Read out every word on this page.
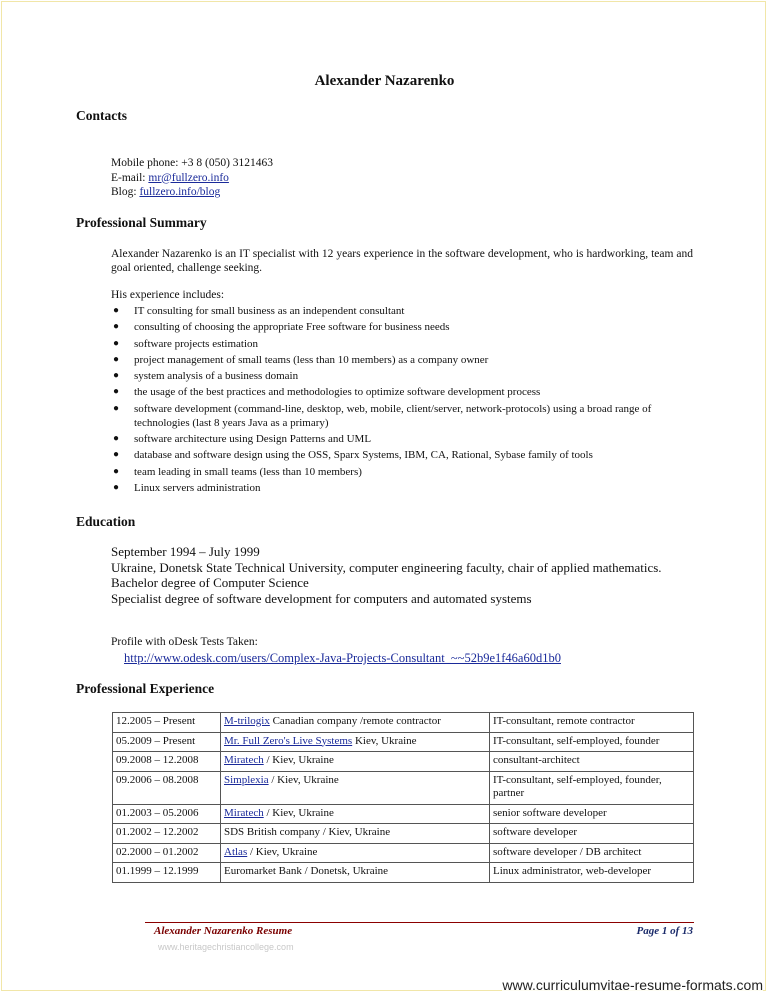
Alexander Nazarenko
Contacts
Mobile phone: +3 8 (050) 3121463
E-mail: mr@fullzero.info
Blog: fullzero.info/blog
Professional Summary

Alexander Nazarenko is an IT specialist with 12 years experience in the software development, who is hardworking, team and goal oriented, challenge seeking.

His experience includes:

● IT consulting for small business as an independent consultant
● consulting of choosing the appropriate Free software for business needs
● software projects estimation
● project management of small teams (less than 10 members) as a company owner
● system analysis of a business domain
● the usage of the best practices and methodologies to optimize software development process
● software development (command-line, desktop, web, mobile, client/server, network-protocols) using a broad range of technologies (last 8 years Java as a primary)
● software architecture using Design Patterns and UML
● database and software design using the OSS, Sparx Systems, IBM, CA, Rational, Sybase family of tools
● team leading in small teams (less than 10 members)
● Linux servers administration
Education
September 1994 – July 1999
Ukraine, Donetsk State Technical University, computer engineering faculty, chair of applied mathematics.
Bachelor degree of Computer Science
Specialist degree of software development for computers and automated systems
Profile with oDesk Tests Taken:
http://www.odesk.com/users/Complex-Java-Projects-Consultant_~~52b9e1f46a60d1b0
Professional Experience
12.2005 – Present	M-trilogix Canadian company /remote contractor	IT-consultant, remote contractor
05.2009 – Present	Mr. Full Zero's Live Systems Kiev, Ukraine	IT-consultant, self-employed, founder
09.2008 – 12.2008	Miratech / Kiev, Ukraine	consultant-architect
09.2006 – 08.2008	Simplexia / Kiev, Ukraine	IT-consultant, self-employed, founder, partner
01.2003 – 05.2006	Miratech / Kiev, Ukraine	senior software developer
01.2002 – 12.2002	SDS British company / Kiev, Ukraine	software developer
02.2000 – 01.2002	Atlas / Kiev, Ukraine	software developer / DB architect
01.1999 – 12.1999	Euromarket Bank / Donetsk, Ukraine	Linux administrator, web-developer
Alexander Nazarenko Resume	Page 1 of 13
www.heritagechristiancollege.com
www.curriculumvitae-resume-formats.com
